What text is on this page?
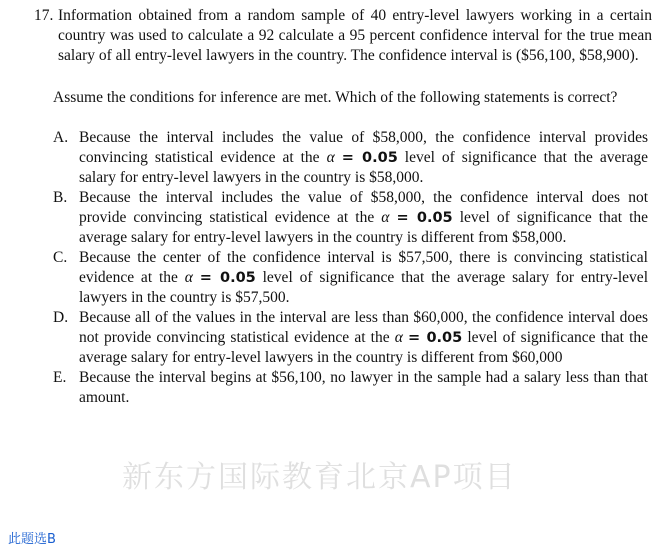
17. Information obtained from a random sample of 40 entry-level lawyers working in a certain country was used to calculate a 92 calculate a 95 percent confidence interval for the true mean salary of all entry-level lawyers in the country. The confidence interval is ($56,100, $58,900).
Assume the conditions for inference are met. Which of the following statements is correct?
A. Because the interval includes the value of $58,000, the confidence interval provides convincing statistical evidence at the α = 0.05 level of significance that the average salary for entry-level lawyers in the country is $58,000.
B. Because the interval includes the value of $58,000, the confidence interval does not provide convincing statistical evidence at the α = 0.05 level of significance that the average salary for entry-level lawyers in the country is different from $58,000.
C. Because the center of the confidence interval is $57,500, there is convincing statistical evidence at the α = 0.05 level of significance that the average salary for entry-level lawyers in the country is $57,500.
D. Because all of the values in the interval are less than $60,000, the confidence interval does not provide convincing statistical evidence at the α = 0.05 level of significance that the average salary for entry-level lawyers in the country is different from $60,000
E. Because the interval begins at $56,100, no lawyer in the sample had a salary less than that amount.
新东方国际教育北京AP项目
此题选B
